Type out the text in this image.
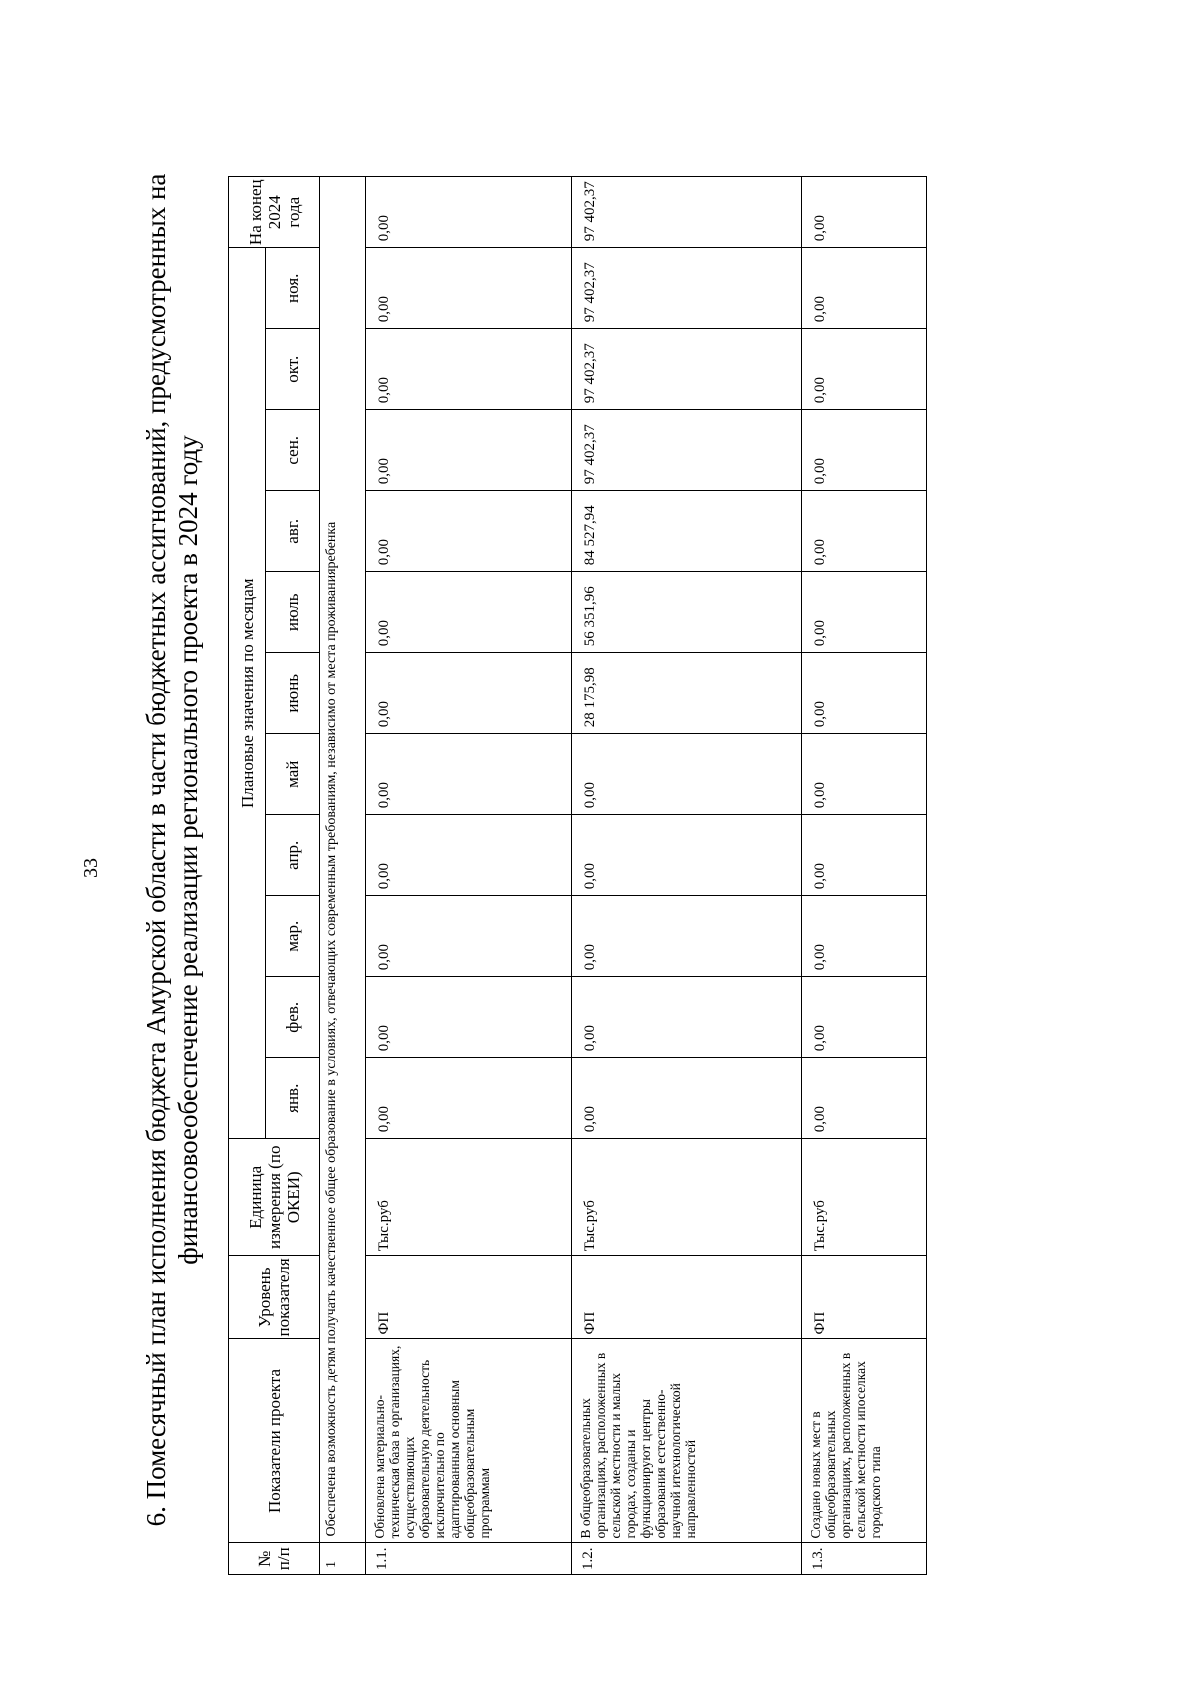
33 6. Помесячный план исполнения бюджета Амурской области в части бюджетных ассигнований, предусмотренных на финансовоеобеспечение реализации регионального проекта в 2024 году
№ п/п	Показатели проекта	Уровень показателя	Единица измерения (по ОКЕИ)	Плановые значения по месяцам											На конец 2024 года
				янв.	фев.	мар.	апр.	май	июнь	июль	авг.	сен.	окт.	ноя.	
1	Обеспечена возможность детям получать качественное общее образование в условиях, отвечающих современным требованиям, независимо от места проживанияребенка														
1.1.	Обновлена материально-техническая база в организациях, осуществляющих образовательную деятельность исключительно по адаптированным основным общеобразовательным программам	ФП	Тыс.руб	0,00	0,00	0,00	0,00	0,00	0,00	0,00	0,00	0,00	0,00	0,00	0,00
1.2.	В общеобразовательных организациях, расположенных в сельской местности и малых городах, созданы и функционируют центры образования естественно-научной итехнологической направленностей	ФП	Тыс.руб	0,00	0,00	0,00	0,00	0,00	28 175,98	56 351,96	84 527,94	97 402,37	97 402,37	97 402,37	97 402,37
1.3.	Создано новых мест в общеобразовательных организациях, расположенных в сельской местности ипоселках городского типа	ФП	Тыс.руб	0,00	0,00	0,00	0,00	0,00	0,00	0,00	0,00	0,00	0,00	0,00	0,00
